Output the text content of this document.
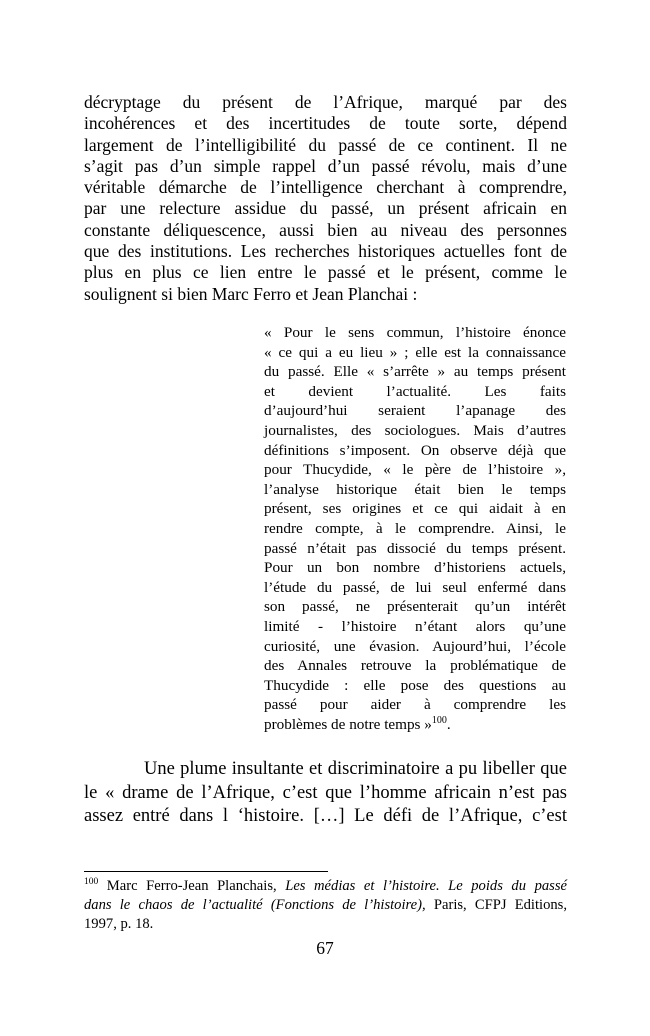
décryptage du présent de l’Afrique, marqué par des
incohérences et des incertitudes de toute sorte, dépend
largement de l’intelligibilité du passé de ce continent. Il ne
s’agit pas d’un simple rappel d’un passé révolu, mais d’une
véritable démarche de l’intelligence cherchant à comprendre,
par une relecture assidue du passé, un présent africain en
constante déliquescence, aussi bien au niveau des personnes
que des institutions. Les recherches historiques actuelles font de
plus en plus ce lien entre le passé et le présent, comme le
soulignent si bien Marc Ferro et Jean Planchai :
« Pour le sens commun, l’histoire énonce
« ce qui a eu lieu » ; elle est la connaissance
du passé. Elle « s’arrête » au temps présent
et devient l’actualité. Les faits
d’aujourd’hui seraient l’apanage des
journalistes, des sociologues. Mais d’autres
définitions s’imposent. On observe déjà que
pour Thucydide, « le père de l’histoire »,
l’analyse historique était bien le temps
présent, ses origines et ce qui aidait à en
rendre compte, à le comprendre. Ainsi, le
passé n’était pas dissocié du temps présent.
Pour un bon nombre d’historiens actuels,
l’étude du passé, de lui seul enfermé dans
son passé, ne présenterait qu’un intérêt
limité - l’histoire n’étant alors qu’une
curiosité, une évasion. Aujourd’hui, l’école
des Annales retrouve la problématique de
Thucydide : elle pose des questions au
passé pour aider à comprendre les
problèmes de notre temps »$^{100}$.
Une plume insultante et discriminatoire a pu libeller que
le « drame de l’Afrique, c’est que l’homme africain n’est pas
assez entré dans l ‘histoire. […] Le défi de l’Afrique, c’est
$^{100}$ Marc Ferro-Jean Planchais, Les médias et l’histoire. Le poids du passé
dans le chaos de l’actualité (Fonctions de l’histoire), Paris, CFPJ Editions,
1997, p. 18.
67
